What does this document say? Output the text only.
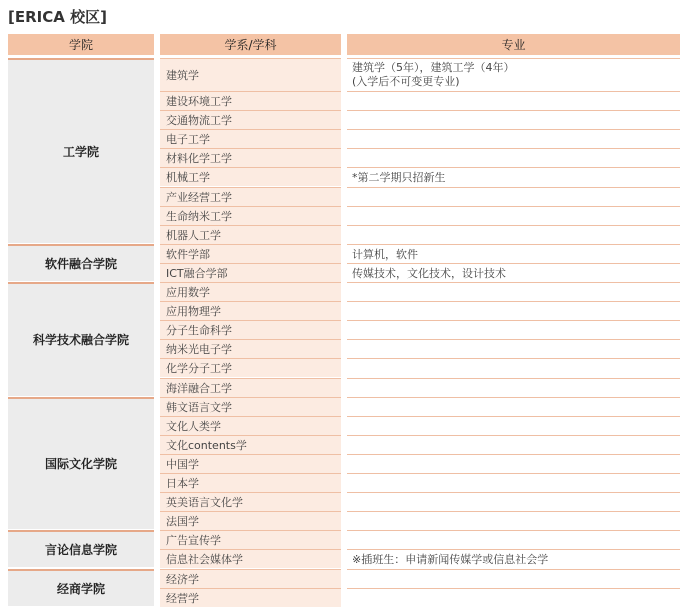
[ERICA 校区]
学院	学系/学科	专业
工学院
软件融合学院
科学技术融合学院
国际文化学院
言论信息学院
经商学院
建筑学
建设环境工学
交通物流工学
电子工学
材料化学工学
机械工学
产业经营工学
生命纳米工学
机器人工学
软件学部
ICT融合学部
应用数学
应用物理学
分子生命科学
纳米光电子学
化学分子工学
海洋融合工学
韩文语言文学
文化人类学
文化contents学
中国学
日本学
英美语言文化学
法国学
广告宣传学
信息社会媒体学
经济学
经营学
建筑学（5年），建筑工学（4年）
(入学后不可变更专业)
*第二学期只招新生
计算机，软件
传媒技术，文化技术，设计技术
※插班生：申请新闻传媒学或信息社会学
